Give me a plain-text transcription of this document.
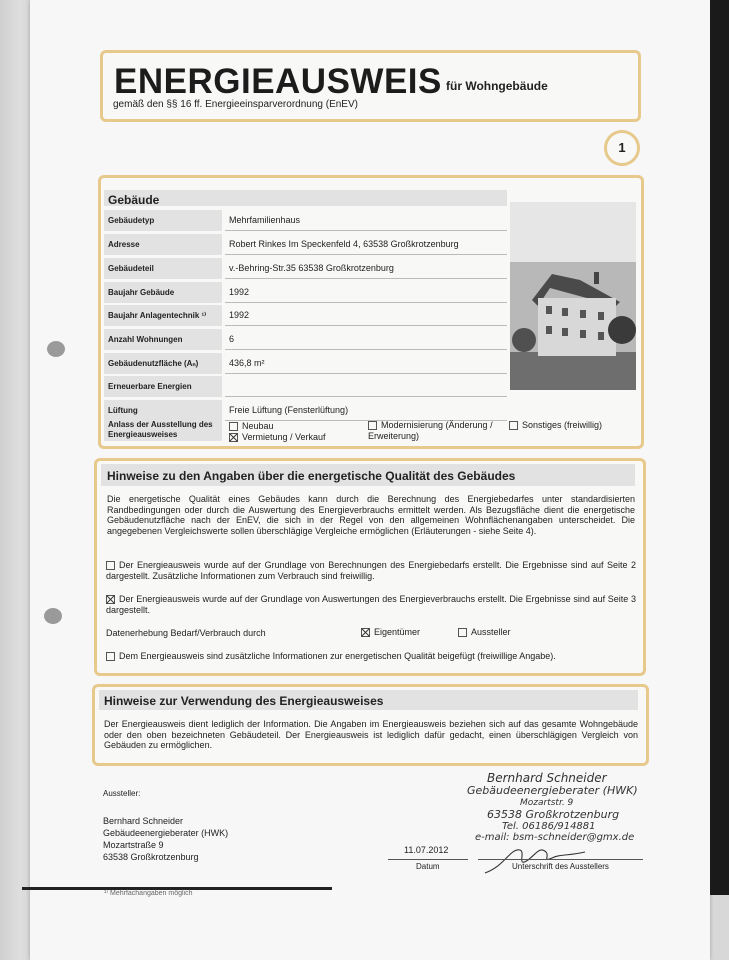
ENERGIEAUSWEIS für Wohngebäude
gemäß den §§ 16 ff. Energieeinsparverordnung (EnEV)
1
Gebäude
Gebäudetyp	Mehrfamilienhaus
Adresse	Robert Rinkes Im Speckenfeld 4, 63538 Großkrotzenburg
Gebäudeteil	v.-Behring-Str.35 63538 Großkrotzenburg
Baujahr Gebäude	1992
Baujahr Anlagentechnik ¹⁾	1992
Anzahl Wohnungen	6
Gebäudenutzfläche (Aₙ)	436,8 m²
Erneuerbare Energien
Lüftung	Freie Lüftung (Fensterlüftung)
Anlass der Ausstellung des Energieausweises
Neubau
Vermietung / Verkauf
Modernisierung (Änderung / Erweiterung)
Sonstiges (freiwillig)
Hinweise zu den Angaben über die energetische Qualität des Gebäudes
Die energetische Qualität eines Gebäudes kann durch die Berechnung des Energiebedarfes unter standardisierten Randbedingungen oder durch die Auswertung des Energieverbrauchs ermittelt werden. Als Bezugsfläche dient die energetische Gebäudenutzfläche nach der EnEV, die sich in der Regel von den allgemeinen Wohnflächenangaben unterscheidet. Die angegebenen Vergleichswerte sollen überschlägige Vergleiche ermöglichen (Erläuterungen - siehe Seite 4).
Der Energieausweis wurde auf der Grundlage von Berechnungen des Energiebedarfs erstellt. Die Ergebnisse sind auf Seite 2 dargestellt. Zusätzliche Informationen zum Verbrauch sind freiwillig.
Der Energieausweis wurde auf der Grundlage von Auswertungen des Energieverbrauchs erstellt. Die Ergebnisse sind auf Seite 3 dargestellt.
Datenerhebung Bedarf/Verbrauch durch	Eigentümer	Aussteller
Dem Energieausweis sind zusätzliche Informationen zur energetischen Qualität beigefügt (freiwillige Angabe).
Hinweise zur Verwendung des Energieausweises
Der Energieausweis dient lediglich der Information. Die Angaben im Energieausweis beziehen sich auf das gesamte Wohngebäude oder den oben bezeichneten Gebäudeteil. Der Energieausweis ist lediglich dafür gedacht, einen überschlägigen Vergleich von Gebäuden zu ermöglichen.
Aussteller:
Bernhard Schneider
Gebäudeenergieberater (HWK)
Mozartstraße 9
63538 Großkrotzenburg
Bernhard Schneider
Gebäudeenergieberater (HWK)
Mozartstr. 9
63538 Großkrotzenburg
Tel. 06186/914881
e-mail: bsm-schneider@gmx.de
11.07.2012
Datum	Unterschrift des Ausstellers
¹⁾ Mehrfachangaben möglich
